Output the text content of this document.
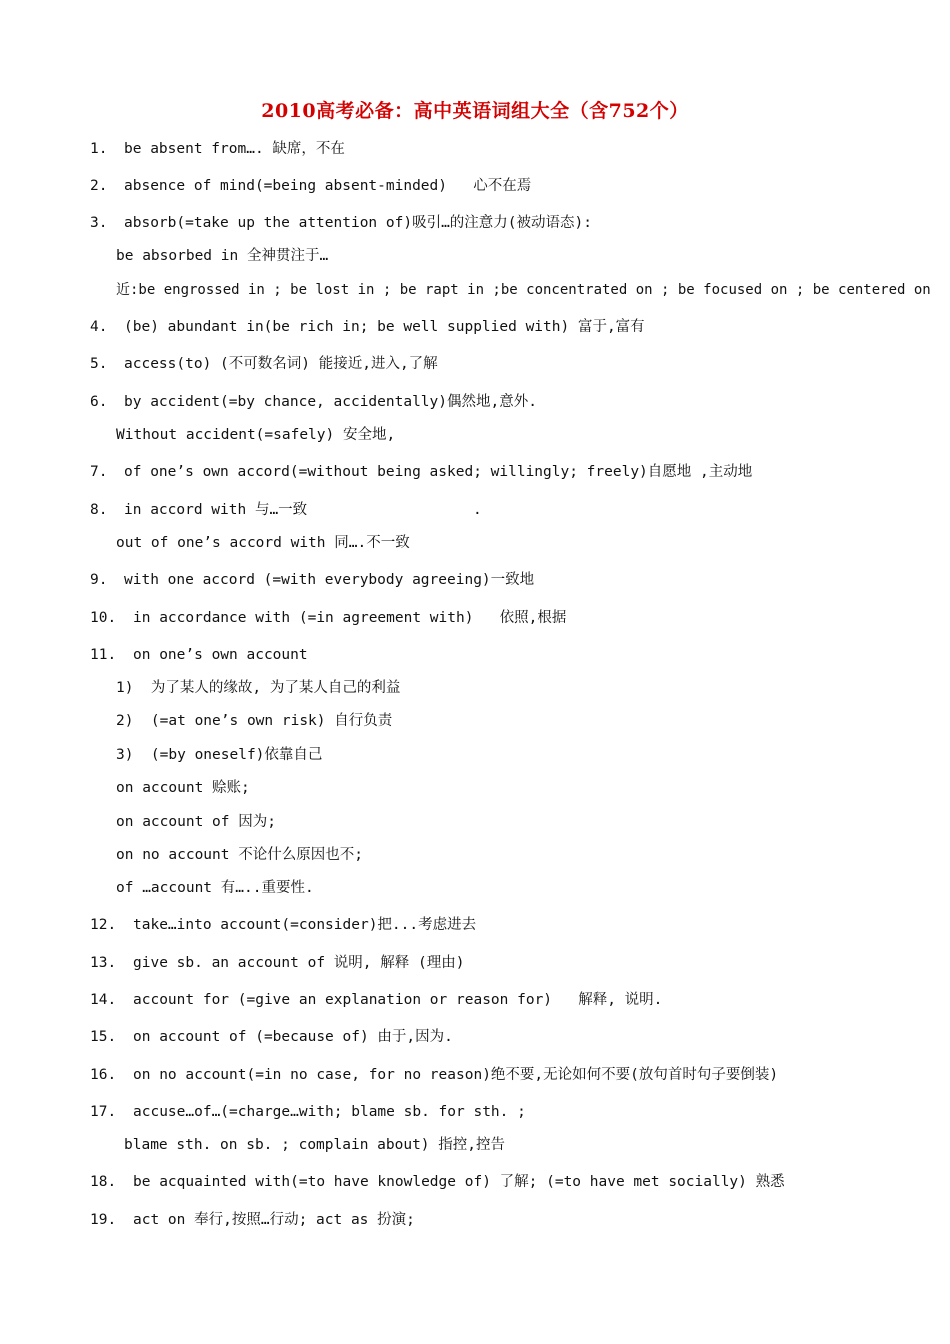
2010高考必备：高中英语词组大全（含752个）
1. be absent from…. 缺席，不在
2. absence of mind(=being absent-minded)   心不在焉
3. absorb(=take up the attention of)吸引…的注意力(被动语态):
be absorbed in 全神贯注于…
近:be engrossed in ; be lost in ; be rapt in ;be concentrated on ; be focused on ; be centered on
4. (be) abundant in(be rich in; be well supplied with) 富于,富有
5. access(to) (不可数名词) 能接近,进入,了解
6. by accident(=by chance, accidentally)偶然地,意外.
Without accident(=safely) 安全地,
7. of one’s own accord(=without being asked; willingly; freely)自愿地 ,主动地
8. in accord with 与…一致                   .
out of one’s accord with 同….不一致
9. with one accord (=with everybody agreeing)一致地
10. in accordance with (=in agreement with)   依照,根据
11. on one’s own account
1)  为了某人的缘故, 为了某人自己的利益
2)  (=at one’s own risk) 自行负责
3)  (=by oneself)依靠自己
on account 赊账;
on account of 因为;
on no account 不论什么原因也不;
of …account 有…..重要性.
12. take…into account(=consider)把...考虑进去
13. give sb. an account of 说明, 解释 (理由)
14. account for (=give an explanation or reason for)   解释, 说明.
15. on account of (=because of) 由于,因为.
16. on no account(=in no case, for no reason)绝不要,无论如何不要(放句首时句子要倒装)
17. accuse…of…(=charge…with; blame sb. for sth. ;
blame sth. on sb. ; complain about) 指控,控告
18. be acquainted with(=to have knowledge of) 了解; (=to have met socially) 熟悉
19. act on 奉行,按照…行动; act as 扮演;
